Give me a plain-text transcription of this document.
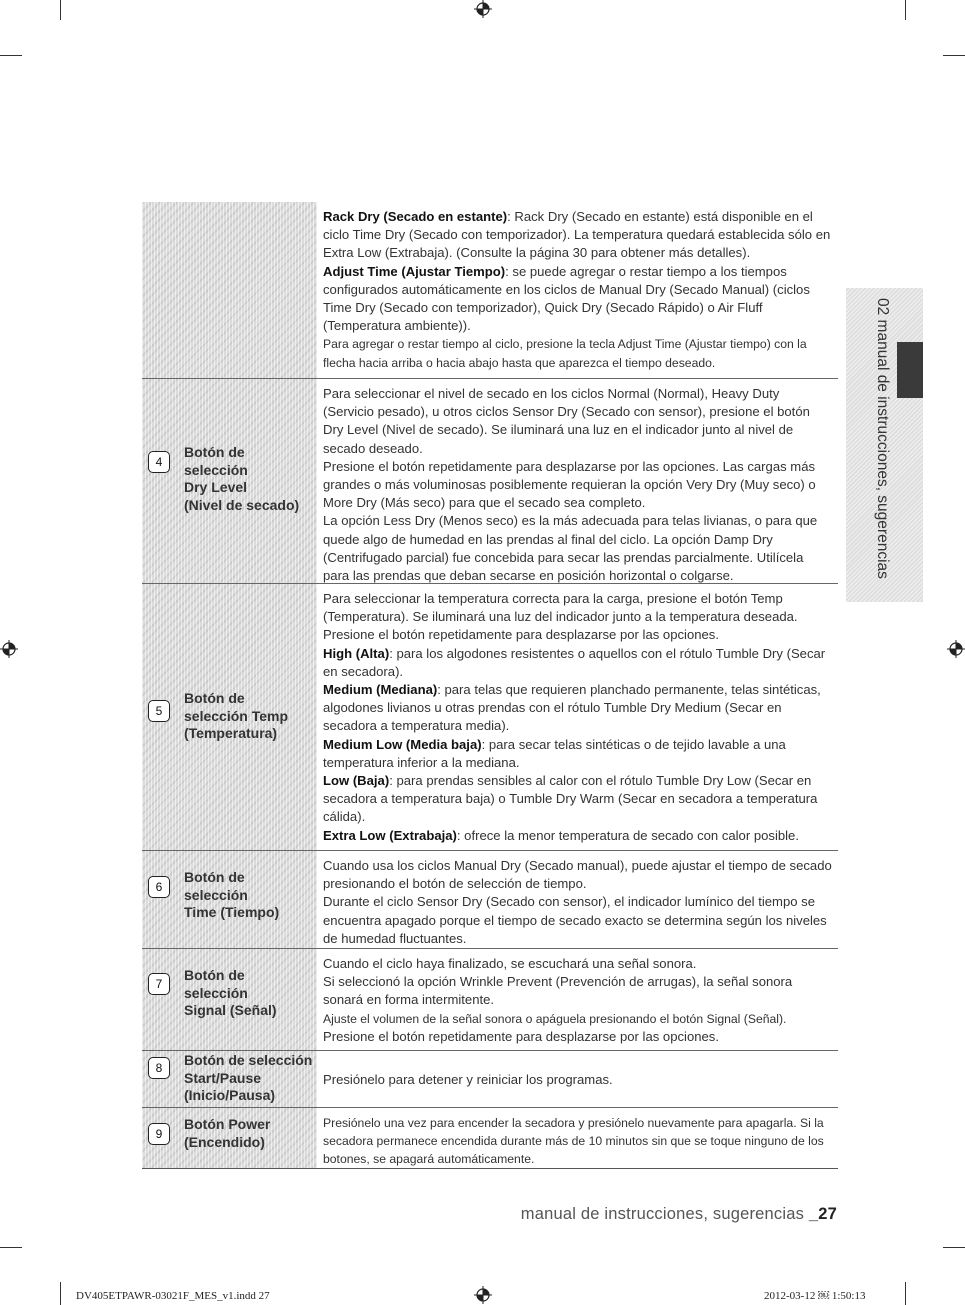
02 manual de instrucciones, sugerencias

Rack Dry (Secado en estante): Rack Dry (Secado en estante) está disponible en el ciclo Time Dry (Secado con temporizador). La temperatura quedará establecida sólo en Extra Low (Extrabaja). (Consulte la página 30 para obtener más detalles).

Adjust Time (Ajustar Tiempo): se puede agregar o restar tiempo a los tiempos configurados automáticamente en los ciclos de Manual Dry (Secado Manual) (ciclos Time Dry (Secado con temporizador), Quick Dry (Secado Rápido) o Air Fluff (Temperatura ambiente)).

Para agregar o restar tiempo al ciclo, presione la tecla Adjust Time (Ajustar tiempo) con la flecha hacia arriba o hacia abajo hasta que aparezca el tiempo deseado.

4
Botón de
selección
Dry Level
(Nivel de secado)

Para seleccionar el nivel de secado en los ciclos Normal (Normal), Heavy Duty (Servicio pesado), u otros ciclos Sensor Dry (Secado con sensor), presione el botón Dry Level (Nivel de secado). Se iluminará una luz en el indicador junto al nivel de secado deseado.

Presione el botón repetidamente para desplazarse por las opciones. Las cargas más grandes o más voluminosas posiblemente requieran la opción Very Dry (Muy seco) o More Dry (Más seco) para que el secado sea completo.

La opción Less Dry (Menos seco) es la más adecuada para telas livianas, o para que quede algo de humedad en las prendas al final del ciclo. La opción Damp Dry (Centrifugado parcial) fue concebida para secar las prendas parcialmente. Utilícela para las prendas que deban secarse en posición horizontal o colgarse.

5
Botón de
selección Temp
(Temperatura)

Para seleccionar la temperatura correcta para la carga, presione el botón Temp (Temperatura). Se iluminará una luz del indicador junto a la temperatura deseada. Presione el botón repetidamente para desplazarse por las opciones.

High (Alta): para los algodones resistentes o aquellos con el rótulo Tumble Dry (Secar en secadora).

Medium (Mediana): para telas que requieren planchado permanente, telas sintéticas, algodones livianos u otras prendas con el rótulo Tumble Dry Medium (Secar en secadora a temperatura media).

Medium Low (Media baja): para secar telas sintéticas o de tejido lavable a una temperatura inferior a la mediana.

Low (Baja): para prendas sensibles al calor con el rótulo Tumble Dry Low (Secar en secadora a temperatura baja) o Tumble Dry Warm (Secar en secadora a temperatura cálida).

Extra Low (Extrabaja): ofrece la menor temperatura de secado con calor posible.

6
Botón de
selección
Time (Tiempo)

Cuando usa los ciclos Manual Dry (Secado manual), puede ajustar el tiempo de secado presionando el botón de selección de tiempo.

Durante el ciclo Sensor Dry (Secado con sensor), el indicador lumínico del tiempo se encuentra apagado porque el tiempo de secado exacto se determina según los niveles de humedad fluctuantes.

7
Botón de
selección
Signal (Señal)

Cuando el ciclo haya finalizado, se escuchará una señal sonora.

Si seleccionó la opción Wrinkle Prevent (Prevención de arrugas), la señal sonora sonará en forma intermitente.

Ajuste el volumen de la señal sonora o apáguela presionando el botón Signal (Señal).

Presione el botón repetidamente para desplazarse por las opciones.

8	Botón de selección
Start/Pause
(Inicio/Pausa)

Presiónelo para detener y reiniciar los programas.

9
Botón Power
(Encendido)

Presiónelo una vez para encender la secadora y presiónelo nuevamente para apagarla. Si la secadora permanece encendida durante más de 10 minutos sin que se toque ninguno de los botones, se apagará automáticamente.

manual de instrucciones, sugerencias _27
DV405ETPAWR-03021F_MES_v1.indd 27	2012-03-12 ￼ 1:50:13
